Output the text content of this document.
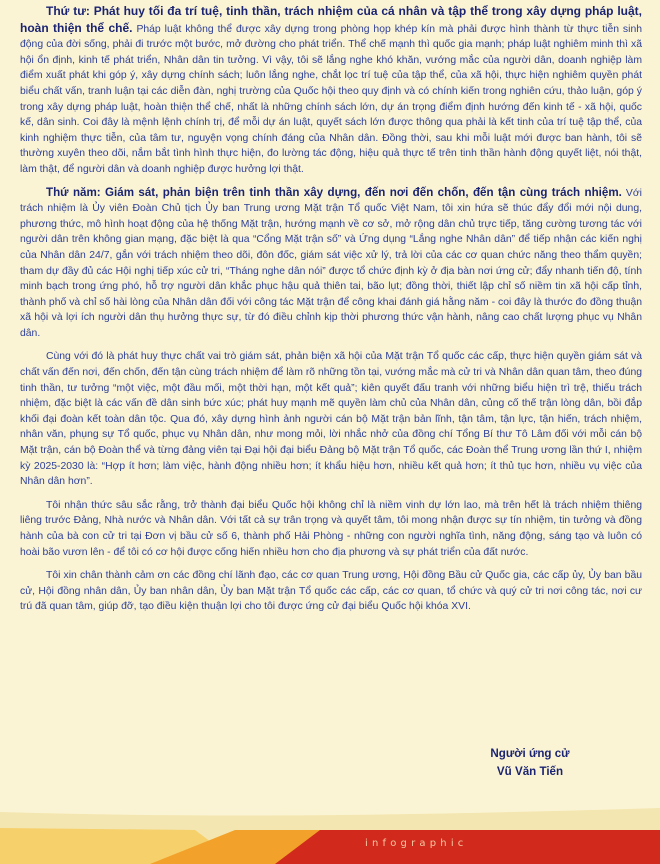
Thứ tư: Phát huy tối đa trí tuệ, tinh thần, trách nhiệm của cá nhân và tập thể trong xây dựng pháp luật, hoàn thiện thể chế. Pháp luật không thể được xây dựng trong phòng họp khép kín mà phải được hình thành từ thực tiễn sinh động của đời sống, phải đi trước một bước, mở đường cho phát triển. Thể chế mạnh thì quốc gia mạnh; pháp luật nghiêm minh thì xã hội ổn định, kinh tế phát triển, Nhân dân tin tưởng. Vì vậy, tôi sẽ lắng nghe khó khăn, vướng mắc của người dân, doanh nghiệp làm điểm xuất phát khi góp ý, xây dựng chính sách; luôn lắng nghe, chắt lọc trí tuệ của tập thể, của xã hội, thực hiện nghiêm quyền phát biểu chất vấn, tranh luận tại các diễn đàn, nghị trường của Quốc hội theo quy định và có chính kiến trong nghiên cứu, thảo luận, góp ý trong xây dựng pháp luật, hoàn thiện thể chế, nhất là những chính sách lớn, dự án trọng điểm định hướng đến kinh tế - xã hội, quốc kế, dân sinh. Coi đây là mệnh lệnh chính trị, để mỗi dự án luật, quyết sách lớn được thông qua phải là kết tinh của trí tuệ tập thể, của kinh nghiệm thực tiễn, của tâm tư, nguyện vọng chính đáng của Nhân dân. Đồng thời, sau khi mỗi luật mới được ban hành, tôi sẽ thường xuyên theo dõi, nắm bắt tình hình thực hiện, đo lường tác động, hiệu quả thực tế trên tinh thần hành động quyết liệt, nói thật, làm thật, để người dân và doanh nghiệp được hưởng lợi thật.

Thứ năm: Giám sát, phản biện trên tinh thần xây dựng, đến nơi đến chốn, đến tận cùng trách nhiệm. Với trách nhiệm là Ủy viên Đoàn Chủ tịch Ủy ban Trung ương Mặt trận Tổ quốc Việt Nam, tôi xin hứa sẽ thúc đẩy đổi mới nội dung, phương thức, mô hình hoạt động của hệ thống Mặt trận, hướng mạnh về cơ sở, mở rộng dân chủ trực tiếp, tăng cường tương tác với người dân trên không gian mạng, đặc biệt là qua “Cổng Mặt trận số” và Ứng dụng “Lắng nghe Nhân dân” để tiếp nhận các kiến nghị của Nhân dân 24/7, gắn với trách nhiệm theo dõi, đôn đốc, giám sát việc xử lý, trả lời của các cơ quan chức năng theo thẩm quyền; tham dự đầy đủ các Hội nghị tiếp xúc cử tri, “Tháng nghe dân nói” được tổ chức định kỳ ở địa bàn nơi ứng cử; đẩy nhanh tiến độ, tính minh bạch trong ứng phó, hỗ trợ người dân khắc phục hậu quả thiên tai, bão lụt; đồng thời, thiết lập chỉ số niềm tin xã hội cấp tỉnh, thành phố và chỉ số hài lòng của Nhân dân đối với công tác Mặt trận để công khai đánh giá hằng năm - coi đây là thước đo đồng thuận xã hội và lợi ích người dân thụ hưởng thực sự, từ đó điều chỉnh kịp thời phương thức vận hành, nâng cao chất lượng phục vụ Nhân dân.

Cùng với đó là phát huy thực chất vai trò giám sát, phản biện xã hội của Mặt trận Tổ quốc các cấp, thực hiện quyền giám sát và chất vấn đến nơi, đến chốn, đến tận cùng trách nhiệm để làm rõ những tồn tại, vướng mắc mà cử tri và Nhân dân quan tâm, theo đúng tinh thần, tư tưởng “một việc, một đầu mối, một thời hạn, một kết quả”; kiên quyết đấu tranh với những biểu hiện trì trệ, thiếu trách nhiệm, đặc biệt là các vấn đề dân sinh bức xúc; phát huy mạnh mẽ quyền làm chủ của Nhân dân, củng cố thế trận lòng dân, bồi đắp khối đại đoàn kết toàn dân tộc. Qua đó, xây dựng hình ảnh người cán bộ Mặt trận bản lĩnh, tận tâm, tận lực, tận hiến, trách nhiệm, nhân văn, phụng sự Tổ quốc, phục vụ Nhân dân, như mong mỏi, lời nhắc nhở của đồng chí Tổng Bí thư Tô Lâm đối với mỗi cán bộ Mặt trận, cán bộ Đoàn thể và từng đảng viên tại Đại hội đại biểu Đảng bộ Mặt trận Tổ quốc, các Đoàn thể Trung ương lần thứ I, nhiệm kỳ 2025-2030 là: “Hợp ít hơn; làm việc, hành động nhiều hơn; ít khẩu hiệu hơn, nhiều kết quả hơn; ít thủ tục hơn, nhiều vụ việc của Nhân dân hơn”.

Tôi nhận thức sâu sắc rằng, trở thành đại biểu Quốc hội không chỉ là niềm vinh dự lớn lao, mà trên hết là trách nhiệm thiêng liêng trước Đảng, Nhà nước và Nhân dân. Với tất cả sự trân trọng và quyết tâm, tôi mong nhận được sự tín nhiệm, tin tưởng và đồng hành của bà con cử tri tại Đơn vị bầu cử số 6, thành phố Hải Phòng - những con người nghĩa tình, năng động, sáng tạo và luôn có hoài bão vươn lên - để tôi có cơ hội được cống hiến nhiều hơn cho địa phương và sự phát triển của đất nước.

Tôi xin chân thành cảm ơn các đồng chí lãnh đạo, các cơ quan Trung ương, Hội đồng Bầu cử Quốc gia, các cấp ủy, Ủy ban bầu cử, Hội đồng nhân dân, Ủy ban nhân dân, Ủy ban Mặt trận Tổ quốc các cấp, các cơ quan, tổ chức và quý cử tri nơi công tác, nơi cư trú đã quan tâm, giúp đỡ, tạo điều kiện thuận lợi cho tôi được ứng cử đại biểu Quốc hội khóa XVI.

Người ứng cử
Vũ Văn Tiến
infographic
